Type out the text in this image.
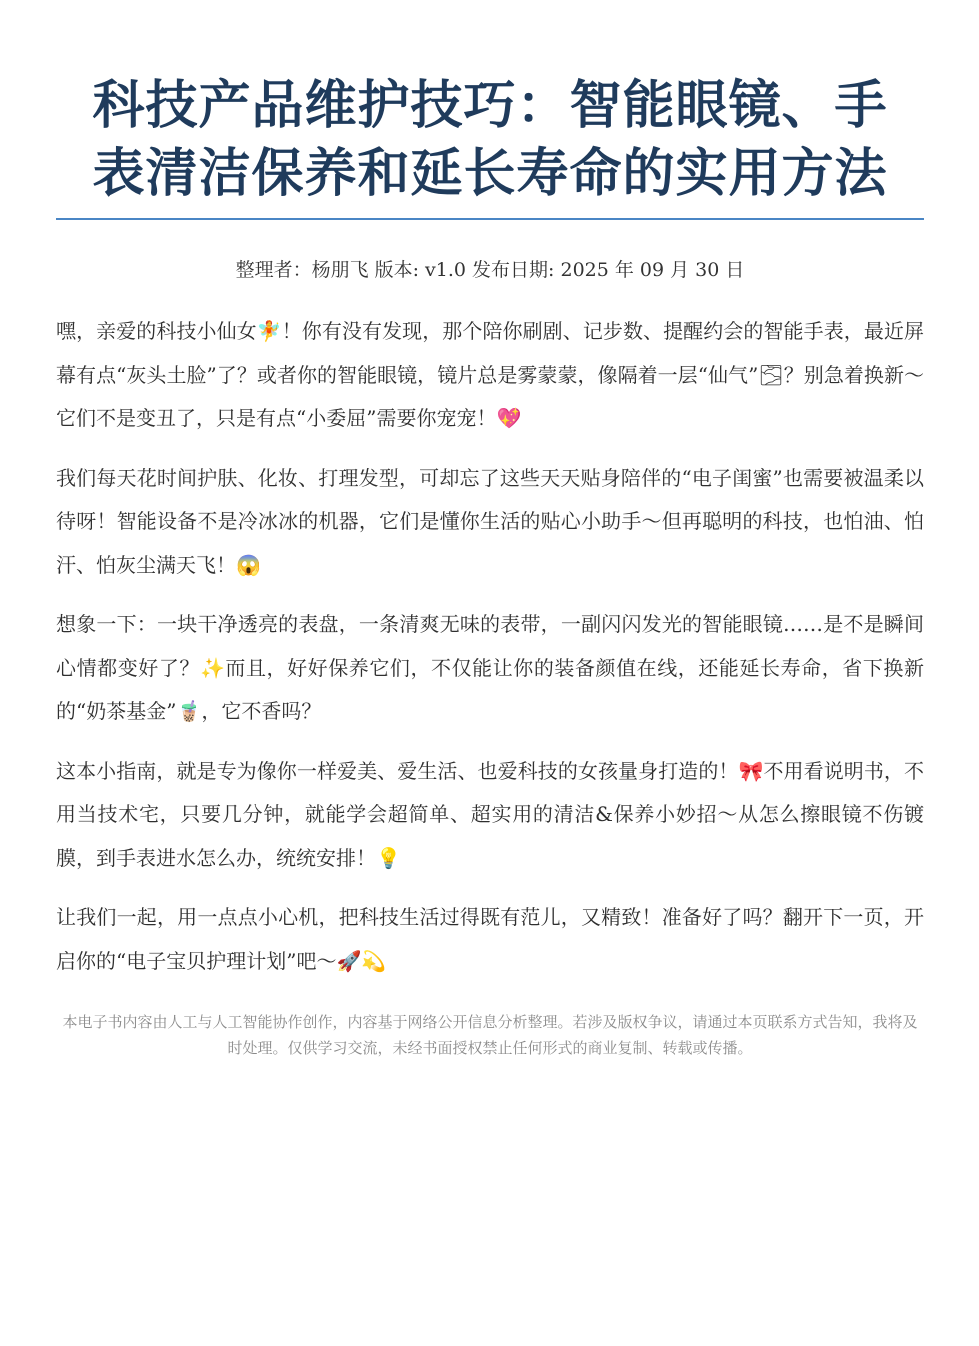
科技产品维护技巧：智能眼镜、手
表清洁保养和延长寿命的实用方法
整理者：杨朋飞 版本: v1.0 发布日期: 2025 年 09 月 30 日

嘿，亲爱的科技小仙女🧚！你有没有发现，那个陪你刷剧、记步数、提醒约会的智能手表，最近屏幕有点“灰头土脸”了？或者你的智能眼镜，镜片总是雾蒙蒙，像隔着一层“仙气”🌫？别急着换新～它们不是变丑了，只是有点“小委屈”需要你宠宠！💖

我们每天花时间护肤、化妆、打理发型，可却忘了这些天天贴身陪伴的“电子闺蜜”也需要被温柔以待呀！智能设备不是冷冰冰的机器，它们是懂你生活的贴心小助手～但再聪明的科技，也怕油、怕汗、怕灰尘满天飞！😱

想象一下：一块干净透亮的表盘，一条清爽无味的表带，一副闪闪发光的智能眼镜……是不是瞬间心情都变好了？✨而且，好好保养它们，不仅能让你的装备颜值在线，还能延长寿命，省下换新的“奶茶基金”🧋，它不香吗？

这本小指南，就是专为像你一样爱美、爱生活、也爱科技的女孩量身打造的！🎀不用看说明书，不用当技术宅，只要几分钟，就能学会超简单、超实用的清洁&保养小妙招～从怎么擦眼镜不伤镀膜，到手表进水怎么办，统统安排！💡

让我们一起，用一点点小心机，把科技生活过得既有范儿，又精致！准备好了吗？翻开下一页，开启你的“电子宝贝护理计划”吧～🚀💫

本电子书内容由人工与人工智能协作创作，内容基于网络公开信息分析整理。若涉及版权争议，请通过本页联系方式告知，我将及时处理。仅供学习交流，未经书面授权禁止任何形式的商业复制、转载或传播。
